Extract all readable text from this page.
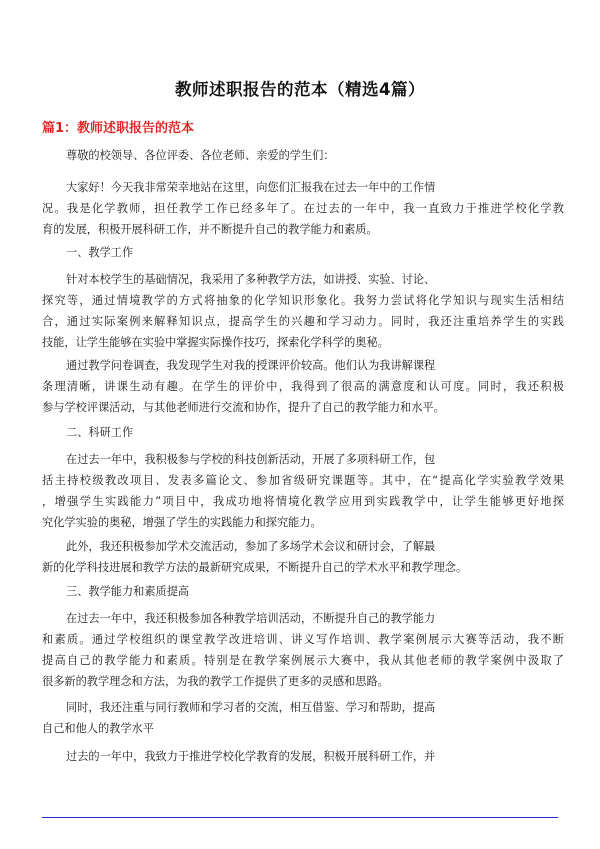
教师述职报告的范本（精选4篇）
篇1：教师述职报告的范本
尊敬的校领导、各位评委、各位老师、亲爱的学生们：
大家好！今天我非常荣幸地站在这里，向您们汇报我在过去一年中的工作情
况。我是化学教师，担任教学工作已经多年了。在过去的一年中，我一直致力于推进学校化学教
育的发展，积极开展科研工作，并不断提升自己的教学能力和素质。
一、教学工作
针对本校学生的基础情况，我采用了多种教学方法，如讲授、实验、讨论、
探究等，通过情境教学的方式将抽象的化学知识形象化。我努力尝试将化学知识与现实生活相结
合，通过实际案例来解释知识点，提高学生的兴趣和学习动力。同时，我还注重培养学生的实践
技能，让学生能够在实验中掌握实际操作技巧，探索化学科学的奥秘。
通过教学问卷调查，我发现学生对我的授课评价较高。他们认为我讲解课程
条理清晰，讲课生动有趣。在学生的评价中，我得到了很高的满意度和认可度。同时，我还积极
参与学校评课活动，与其他老师进行交流和协作，提升了自己的教学能力和水平。
二、科研工作
在过去一年中，我积极参与学校的科技创新活动，开展了多项科研工作，包
括主持校级教改项目、发表多篇论文、参加省级研究课题等。其中，在“提高化学实验教学效果
，增强学生实践能力”项目中，我成功地将情境化教学应用到实践教学中，让学生能够更好地探
究化学实验的奥秘，增强了学生的实践能力和探究能力。
此外，我还积极参加学术交流活动，参加了多场学术会议和研讨会，了解最
新的化学科技进展和教学方法的最新研究成果，不断提升自己的学术水平和教学理念。
三、教学能力和素质提高
在过去一年中，我还积极参加各种教学培训活动，不断提升自己的教学能力
和素质。通过学校组织的课堂教学改进培训、讲义写作培训、教学案例展示大赛等活动，我不断
提高自己的教学能力和素质。特别是在教学案例展示大赛中，我从其他老师的教学案例中汲取了
很多新的教学理念和方法，为我的教学工作提供了更多的灵感和思路。
同时，我还注重与同行教师和学习者的交流，相互借鉴、学习和帮助，提高
自己和他人的教学水平
过去的一年中，我致力于推进学校化学教育的发展，积极开展科研工作，并
